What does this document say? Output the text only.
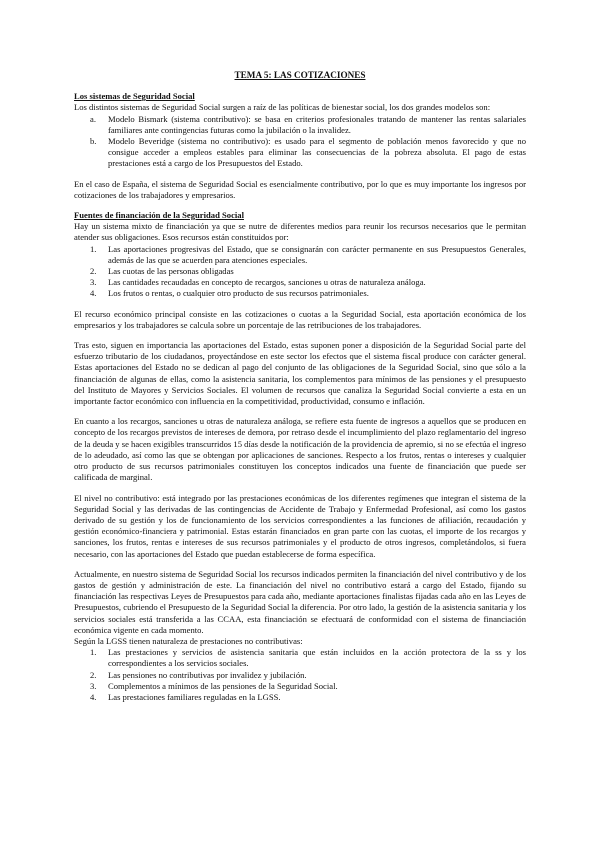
TEMA 5: LAS COTIZACIONES

Los sistemas de Seguridad Social

Los distintos sistemas de Seguridad Social surgen a raíz de las políticas de bienestar social, los dos grandes modelos son:

a. Modelo Bismark (sistema contributivo): se basa en criterios profesionales tratando de mantener las rentas salariales familiares ante contingencias futuras como la jubilación o la invalidez.
b. Modelo Beveridge (sistema no contributivo): es usado para el segmento de población menos favorecido y que no consigue acceder a empleos estables para eliminar las consecuencias de la pobreza absoluta. El pago de estas prestaciones está a cargo de los Presupuestos del Estado.

En el caso de España, el sistema de Seguridad Social es esencialmente contributivo, por lo que es muy importante los ingresos por cotizaciones de los trabajadores y empresarios.

Fuentes de financiación de la Seguridad Social

Hay un sistema mixto de financiación ya que se nutre de diferentes medios para reunir los recursos necesarios que le permitan atender sus obligaciones. Esos recursos están constituidos por:

1. Las aportaciones progresivas del Estado, que se consignarán con carácter permanente en sus Presupuestos Generales, además de las que se acuerden para atenciones especiales.
2. Las cuotas de las personas obligadas
3. Las cantidades recaudadas en concepto de recargos, sanciones u otras de naturaleza análoga.
4. Los frutos o rentas, o cualquier otro producto de sus recursos patrimoniales.

El recurso económico principal consiste en las cotizaciones o cuotas a la Seguridad Social, esta aportación económica de los empresarios y los trabajadores se calcula sobre un porcentaje de las retribuciones de los trabajadores.

Tras esto, siguen en importancia las aportaciones del Estado, estas suponen poner a disposición de la Seguridad Social parte del esfuerzo tributario de los ciudadanos, proyectándose en este sector los efectos que el sistema fiscal produce con carácter general. Estas aportaciones del Estado no se dedican al pago del conjunto de las obligaciones de la Seguridad Social, sino que sólo a la financiación de algunas de ellas, como la asistencia sanitaria, los complementos para mínimos de las pensiones y el presupuesto del Instituto de Mayores y Servicios Sociales. El volumen de recursos que canaliza la Seguridad Social convierte a esta en un importante factor económico con influencia en la competitividad, productividad, consumo e inflación.

En cuanto a los recargos, sanciones u otras de naturaleza análoga, se refiere esta fuente de ingresos a aquellos que se producen en concepto de los recargos previstos de intereses de demora, por retraso desde el incumplimiento del plazo reglamentario del ingreso de la deuda y se hacen exigibles transcurridos 15 días desde la notificación de la providencia de apremio, si no se efectúa el ingreso de lo adeudado, así como las que se obtengan por aplicaciones de sanciones. Respecto a los frutos, rentas o intereses y cualquier otro producto de sus recursos patrimoniales constituyen los conceptos indicados una fuente de financiación que puede ser calificada de marginal.

El nivel no contributivo: está integrado por las prestaciones económicas de los diferentes regímenes que integran el sistema de la Seguridad Social y las derivadas de las contingencias de Accidente de Trabajo y Enfermedad Profesional, así como los gastos derivado de su gestión y los de funcionamiento de los servicios correspondientes a las funciones de afiliación, recaudación y gestión económico-financiera y patrimonial. Estas estarán financiados en gran parte con las cuotas, el importe de los recargos y sanciones, los frutos, rentas e intereses de sus recursos patrimoniales y el producto de otros ingresos, completándolos, si fuera necesario, con las aportaciones del Estado que puedan establecerse de forma específica.

Actualmente, en nuestro sistema de Seguridad Social los recursos indicados permiten la financiación del nivel contributivo y de los gastos de gestión y administración de este. La financiación del nivel no contributivo estará a cargo del Estado, fijando su financiación las respectivas Leyes de Presupuestos para cada año, mediante aportaciones finalistas fijadas cada año en las Leyes de Presupuestos, cubriendo el Presupuesto de la Seguridad Social la diferencia. Por otro lado, la gestión de la asistencia sanitaria y los servicios sociales está transferida a las CCAA, esta financiación se efectuará de conformidad con el sistema de financiación económica vigente en cada momento.

Según la LGSS tienen naturaleza de prestaciones no contributivas:

1. Las prestaciones y servicios de asistencia sanitaria que están incluidos en la acción protectora de la ss y los correspondientes a los servicios sociales.
2. Las pensiones no contributivas por invalidez y jubilación.
3. Complementos a mínimos de las pensiones de la Seguridad Social.
4. Las prestaciones familiares reguladas en la LGSS.
